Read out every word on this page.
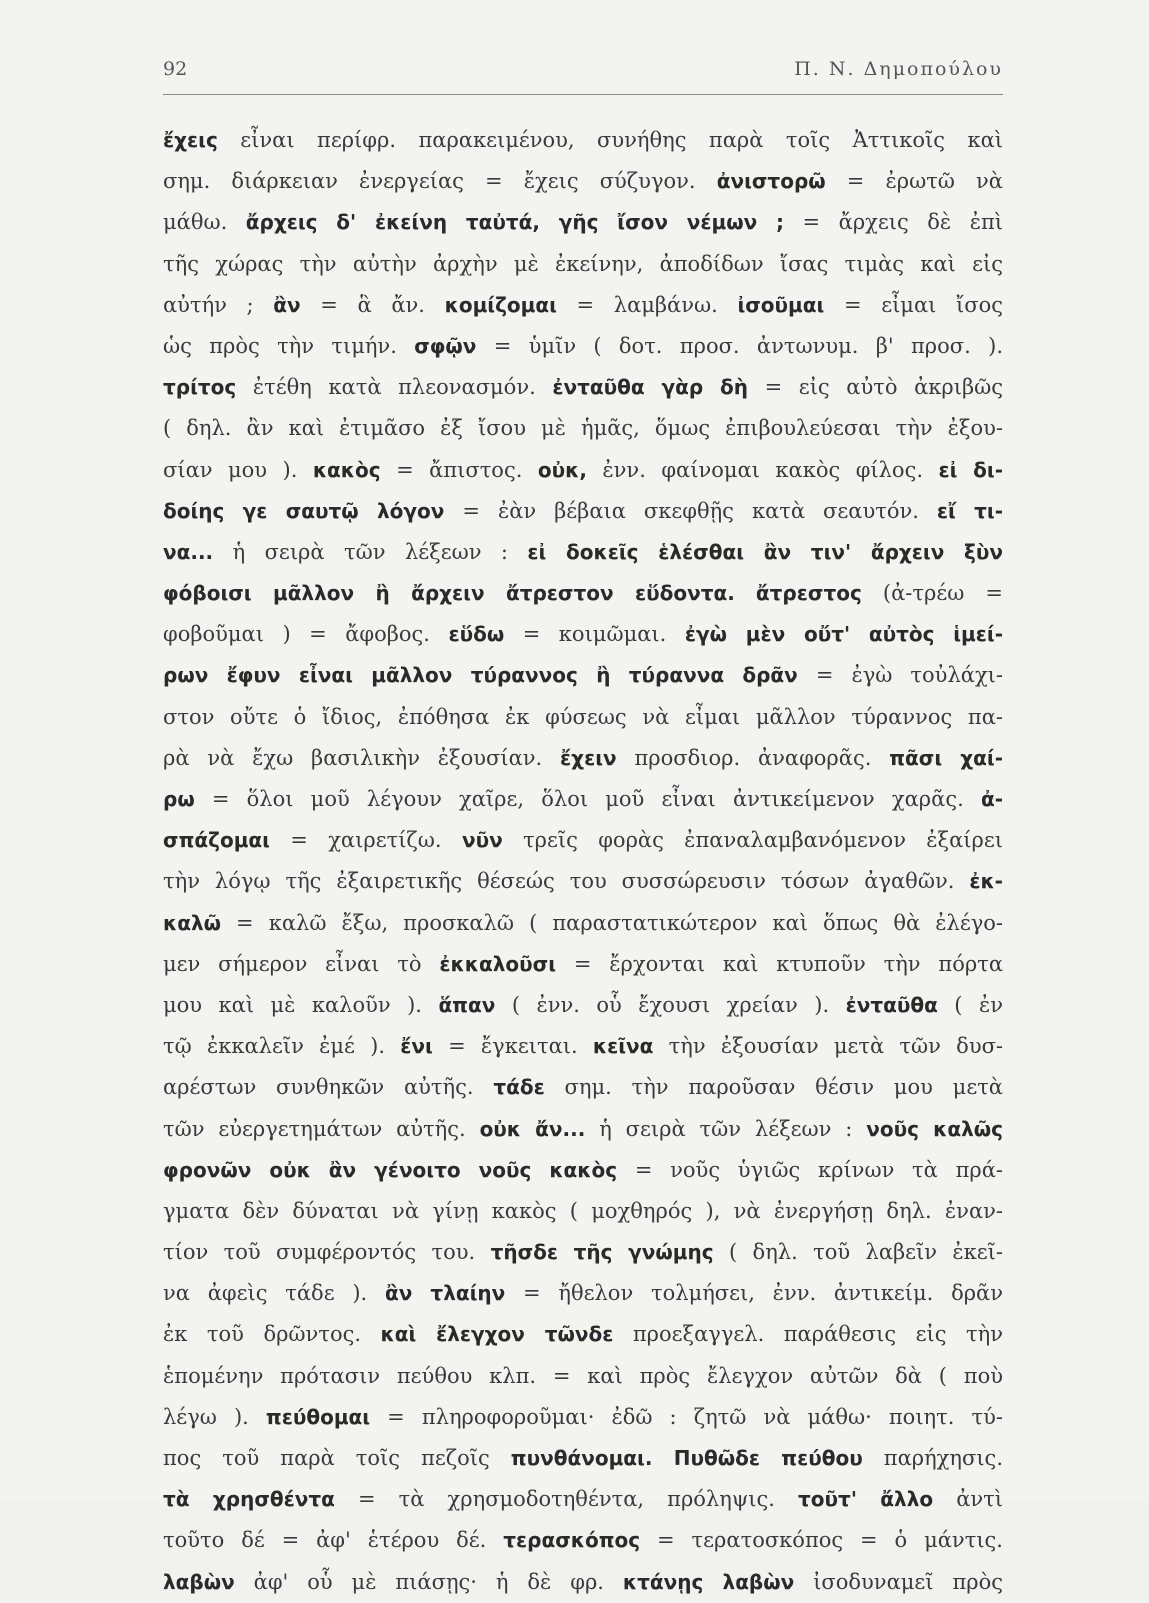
92	Π. Ν. Δημοπούλου
ἔχεις εἶναι περίφρ. παρακειμένου, συνήθης παρὰ τοῖς Ἀττικοῖς καὶ
σημ. διάρκειαν ἐνεργείας = ἔχεις σύζυγον. ἀνιστορῶ = ἐρωτῶ νὰ
μάθω. ἄρχεις δ' ἐκείνη ταὐτά, γῆς ἴσον νέμων ; = ἄρχεις δὲ ἐπὶ
τῆς χώρας τὴν αὐτὴν ἀρχὴν μὲ ἐκείνην, ἀποδίδων ἴσας τιμὰς καὶ εἰς
αὐτήν ; ἂν = ἃ ἄν. κομίζομαι = λαμβάνω. ἰσοῦμαι = εἶμαι ἴσος
ὡς πρὸς τὴν τιμήν. σφῷν = ὑμῖν ( δοτ. προσ. ἀντωνυμ. β' προσ. ).
τρίτος ἐτέθη κατὰ πλεονασμόν. ἐνταῦθα γὰρ δὴ = εἰς αὐτὸ ἀκριβῶς
( δηλ. ἂν καὶ ἐτιμᾶσο ἐξ ἴσου μὲ ἡμᾶς, ὅμως ἐπιβουλεύεσαι τὴν ἐξου-
σίαν μου ). κακὸς = ἄπιστος. οὐκ, ἐνν. φαίνομαι κακὸς φίλος. εἰ δι-
δοίης γε σαυτῷ λόγον = ἐὰν βέβαια σκεφθῇς κατὰ σεαυτόν. εἴ τι-
να... ἡ σειρὰ τῶν λέξεων : εἰ δοκεῖς ἑλέσθαι ἂν τιν' ἄρχειν ξὺν
φόβοισι μᾶλλον ἢ ἄρχειν ἄτρεστον εὕδοντα. ἄτρεστος (ἀ-τρέω =
φοβοῦμαι ) = ἄφοβος. εὕδω = κοιμῶμαι. ἐγὼ μὲν οὔτ' αὐτὸς ἱμεί-
ρων ἔφυν εἶναι μᾶλλον τύραννος ἢ τύραννα δρᾶν = ἐγὼ τοὐλάχι-
στον οὔτε ὁ ἴδιος, ἐπόθησα ἐκ φύσεως νὰ εἶμαι μᾶλλον τύραννος πα-
ρὰ νὰ ἔχω βασιλικὴν ἐξουσίαν. ἔχειν προσδιορ. ἀναφορᾶς. πᾶσι χαί-
ρω = ὅλοι μοῦ λέγουν χαῖρε, ὅλοι μοῦ εἶναι ἀντικείμενον χαρᾶς. ἀ-
σπάζομαι = χαιρετίζω. νῦν τρεῖς φορὰς ἐπαναλαμβανόμενον ἐξαίρει
τὴν λόγῳ τῆς ἐξαιρετικῆς θέσεώς του συσσώρευσιν τόσων ἀγαθῶν. ἐκ-
καλῶ = καλῶ ἔξω, προσκαλῶ ( παραστατικώτερον καὶ ὅπως θὰ ἐλέγο-
μεν σήμερον εἶναι τὸ ἐκκαλοῦσι = ἔρχονται καὶ κτυποῦν τὴν πόρτα
μου καὶ μὲ καλοῦν ). ἅπαν ( ἐνν. οὗ ἔχουσι χρείαν ). ἐνταῦθα ( ἐν
τῷ ἐκκαλεῖν ἐμέ ). ἔνι = ἔγκειται. κεῖνα τὴν ἐξουσίαν μετὰ τῶν δυσ-
αρέστων συνθηκῶν αὐτῆς. τάδε σημ. τὴν παροῦσαν θέσιν μου μετὰ
τῶν εὐεργετημάτων αὐτῆς. οὐκ ἄν... ἡ σειρὰ τῶν λέξεων : νοῦς καλῶς
φρονῶν οὐκ ἂν γένοιτο νοῦς κακὸς = νοῦς ὑγιῶς κρίνων τὰ πρά-
γματα δὲν δύναται νὰ γίνῃ κακὸς ( μοχθηρός ), νὰ ἐνεργήσῃ δηλ. ἐναν-
τίον τοῦ συμφέροντός του. τῆσδε τῆς γνώμης ( δηλ. τοῦ λαβεῖν ἐκεῖ-
να ἀφεὶς τάδε ). ἂν τλαίην = ἤθελον τολμήσει, ἐνν. ἀντικείμ. δρᾶν
ἐκ τοῦ δρῶντος. καὶ ἔλεγχον τῶνδε προεξαγγελ. παράθεσις εἰς τὴν
ἑπομένην πρότασιν πεύθου κλπ. = καὶ πρὸς ἔλεγχον αὐτῶν δὰ ( ποὺ
λέγω ). πεύθομαι = πληροφοροῦμαι· ἐδῶ : ζητῶ νὰ μάθω· ποιητ. τύ-
πος τοῦ παρὰ τοῖς πεζοῖς πυνθάνομαι. Πυθῶδε πεύθου παρήχησις.
τὰ χρησθέντα = τὰ χρησμοδοτηθέντα, πρόληψις. τοῦτ' ἄλλο ἀντὶ
τοῦτο δέ = ἀφ' ἑτέρου δέ. τερασκόπος = τερατοσκόπος = ὁ μάντις.
λαβὼν ἀφ' οὗ μὲ πιάσῃς· ἡ δὲ φρ. κτάνῃς λαβὼν ἰσοδυναμεῖ πρὸς
